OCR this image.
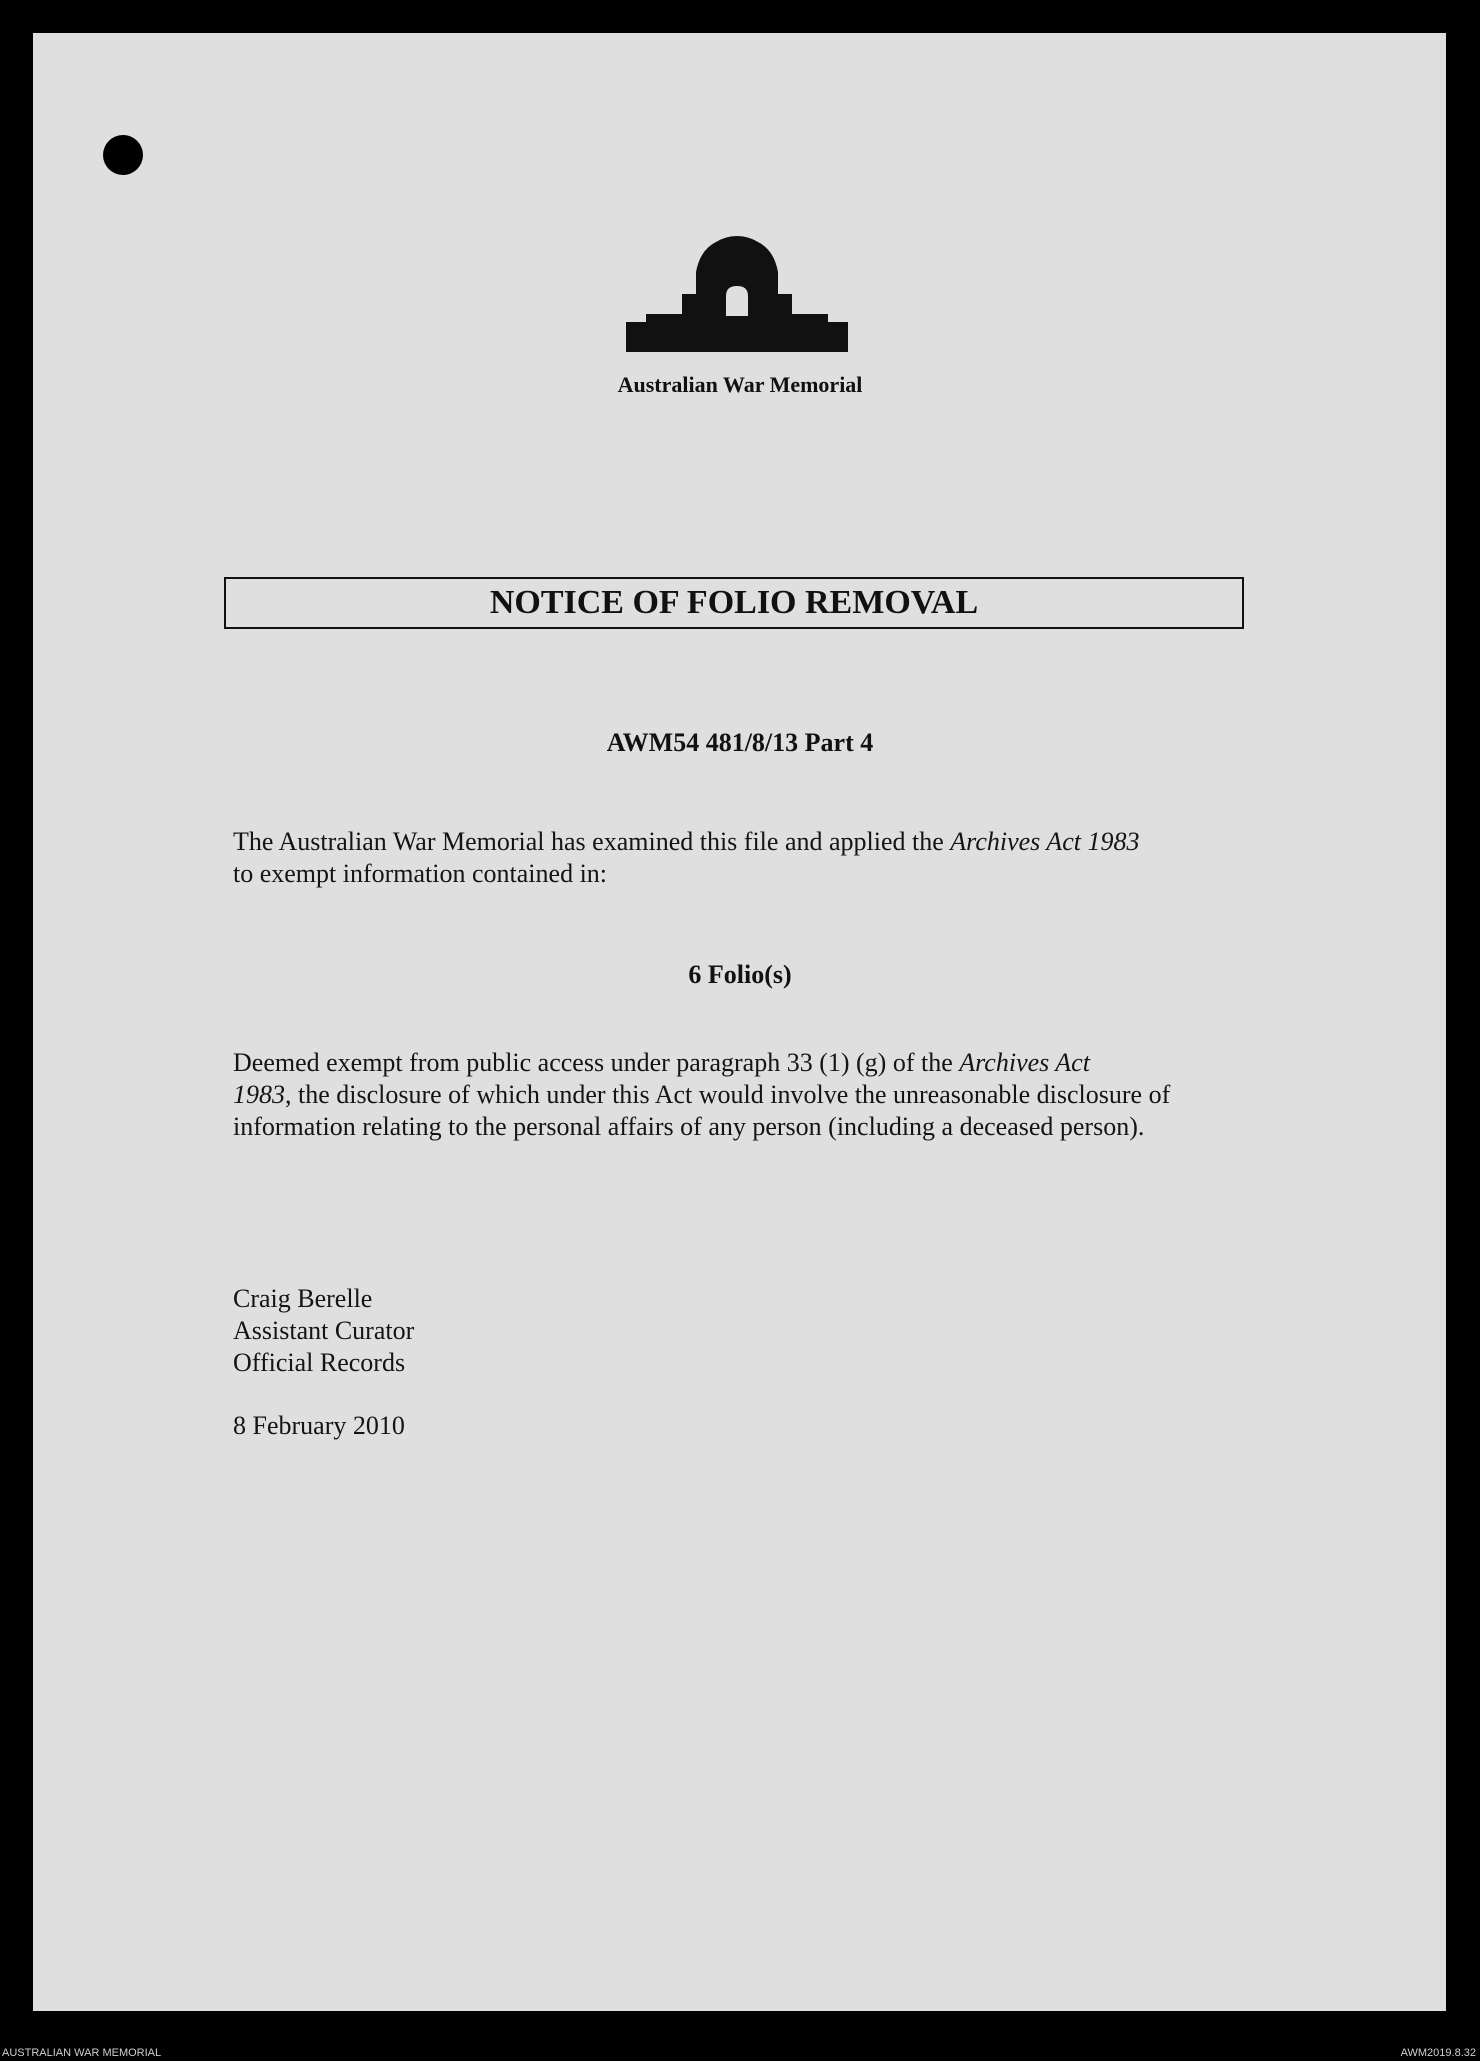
Australian War Memorial
NOTICE OF FOLIO REMOVAL
AWM54 481/8/13 Part 4
The Australian War Memorial has examined this file and applied the Archives Act 1983
to exempt information contained in:
6 Folio(s)
Deemed exempt from public access under paragraph 33 (1) (g) of the Archives Act
1983, the disclosure of which under this Act would involve the unreasonable disclosure of information relating to the personal affairs of any person (including a deceased person).
Craig Berelle
Assistant Curator
Official Records
8 February 2010
AUSTRALIAN WAR MEMORIAL	AWM2019.8.32
